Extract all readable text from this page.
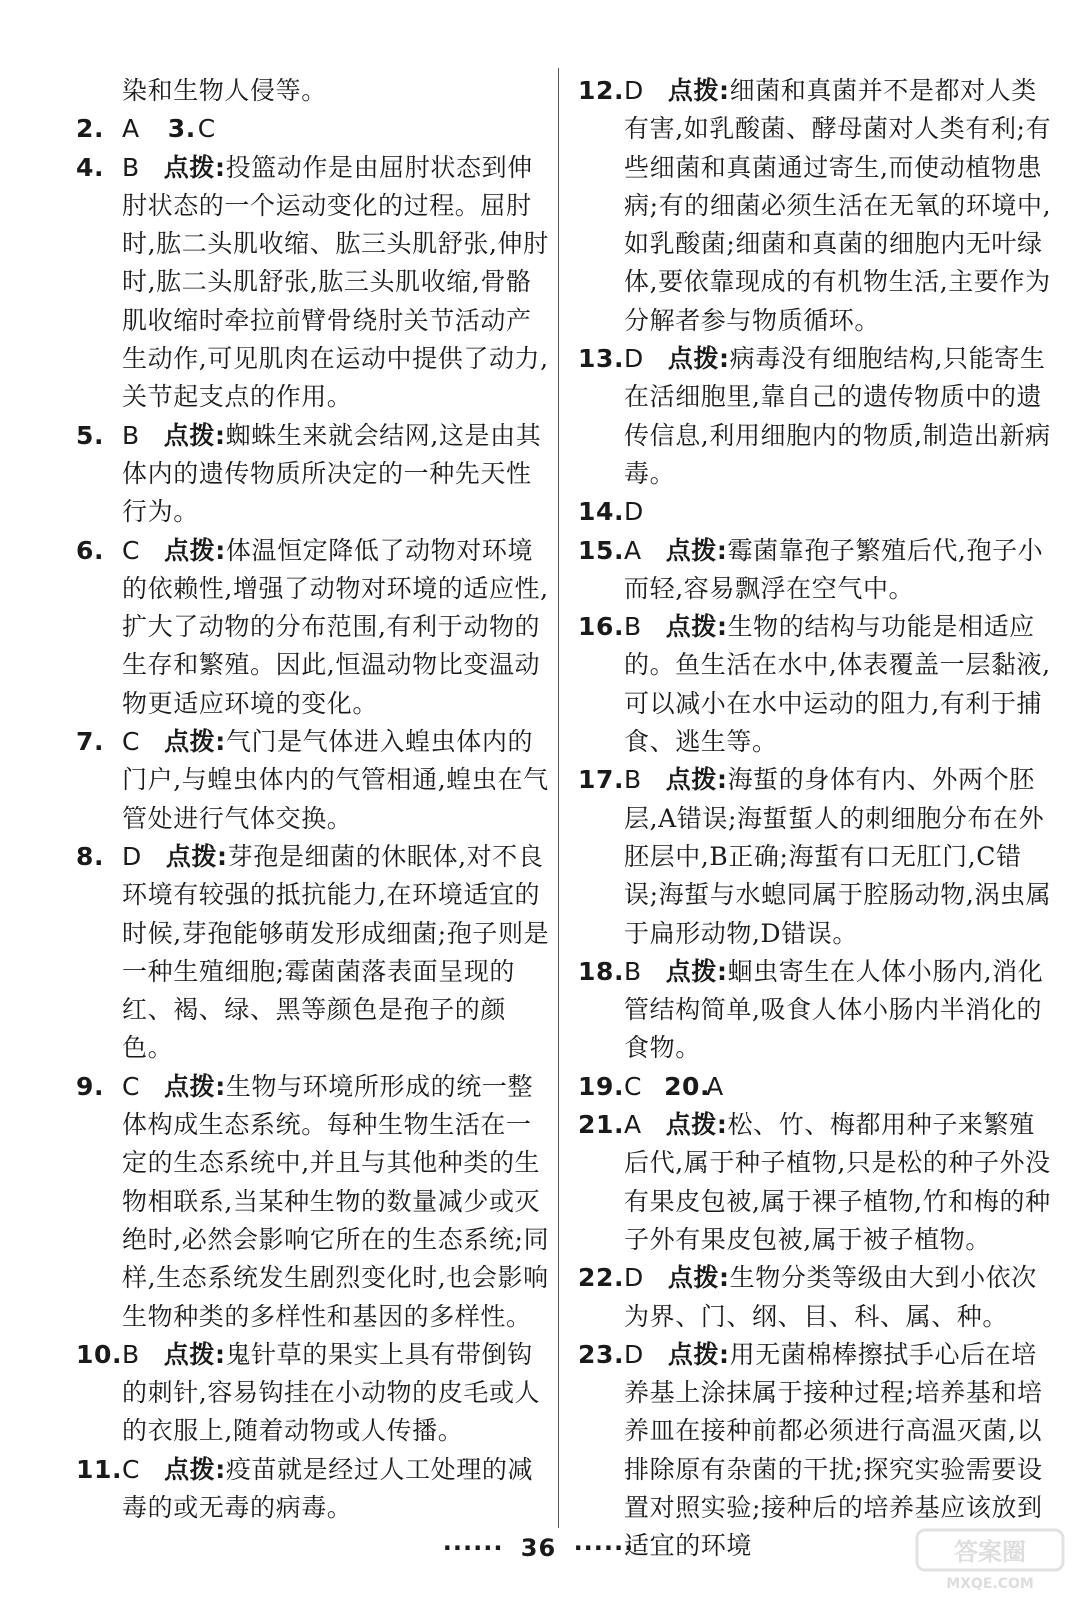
染和生物人侵等。

2. A 3.C

4. B 点拨:投篮动作是由屈肘状态到伸肘状态的一个运动变化的过程。屈肘时,肱二头肌收缩、肱三头肌舒张,伸肘时,肱二头肌舒张,肱三头肌收缩,骨骼肌收缩时牵拉前臂骨绕肘关节活动产生动作,可见肌肉在运动中提供了动力,关节起支点的作用。

5. B 点拨:蜘蛛生来就会结网,这是由其体内的遗传物质所决定的一种先天性行为。

6. C 点拨:体温恒定降低了动物对环境的依赖性,增强了动物对环境的适应性,扩大了动物的分布范围,有利于动物的生存和繁殖。因此,恒温动物比变温动物更适应环境的变化。

7. C 点拨:气门是气体进入蝗虫体内的门户,与蝗虫体内的气管相通,蝗虫在气管处进行气体交换。

8. D 点拨:芽孢是细菌的休眠体,对不良环境有较强的抵抗能力,在环境适宜的时候,芽孢能够萌发形成细菌;孢子则是一种生殖细胞;霉菌菌落表面呈现的红、褐、绿、黑等颜色是孢子的颜色。

9. C 点拨:生物与环境所形成的统一整体构成生态系统。每种生物生活在一定的生态系统中,并且与其他种类的生物相联系,当某种生物的数量减少或灭绝时,必然会影响它所在的生态系统;同样,生态系统发生剧烈变化时,也会影响生物种类的多样性和基因的多样性。

10.B 点拨:鬼针草的果实上具有带倒钩的刺针,容易钩挂在小动物的皮毛或人的衣服上,随着动物或人传播。

11.C 点拨:疫苗就是经过人工处理的减毒的或无毒的病毒。

12.D 点拨:细菌和真菌并不是都对人类有害,如乳酸菌、酵母菌对人类有利;有些细菌和真菌通过寄生,而使动植物患病;有的细菌必须生活在无氧的环境中,如乳酸菌;细菌和真菌的细胞内无叶绿体,要依靠现成的有机物生活,主要作为分解者参与物质循环。

13.D 点拨:病毒没有细胞结构,只能寄生在活细胞里,靠自己的遗传物质中的遗传信息,利用细胞内的物质,制造出新病毒。

14.D

15.A 点拨:霉菌靠孢子繁殖后代,孢子小而轻,容易飘浮在空气中。

16.B 点拨:生物的结构与功能是相适应的。鱼生活在水中,体表覆盖一层黏液,可以减小在水中运动的阻力,有利于捕食、逃生等。

17.B 点拨:海蜇的身体有内、外两个胚层,A错误;海蜇蜇人的刺细胞分布在外胚层中,B正确;海蜇有口无肛门,C错误;海蜇与水螅同属于腔肠动物,涡虫属于扁形动物,D错误。

18.B 点拨:蛔虫寄生在人体小肠内,消化管结构简单,吸食人体小肠内半消化的食物。

19.C 20.A

21.A 点拨:松、竹、梅都用种子来繁殖后代,属于种子植物,只是松的种子外没有果皮包被,属于裸子植物,竹和梅的种子外有果皮包被,属于被子植物。

22.D 点拨:生物分类等级由大到小依次为界、门、纲、目、科、属、种。

23.D 点拨:用无菌棉棒擦拭手心后在培养基上涂抹属于接种过程;培养基和培养皿在接种前都必须进行高温灭菌,以排除原有杂菌的干扰;探究实验需要设置对照实验;接种后的培养基应该放到适宜的环境

······ 36 ······	答案圈
MXQE.COM
